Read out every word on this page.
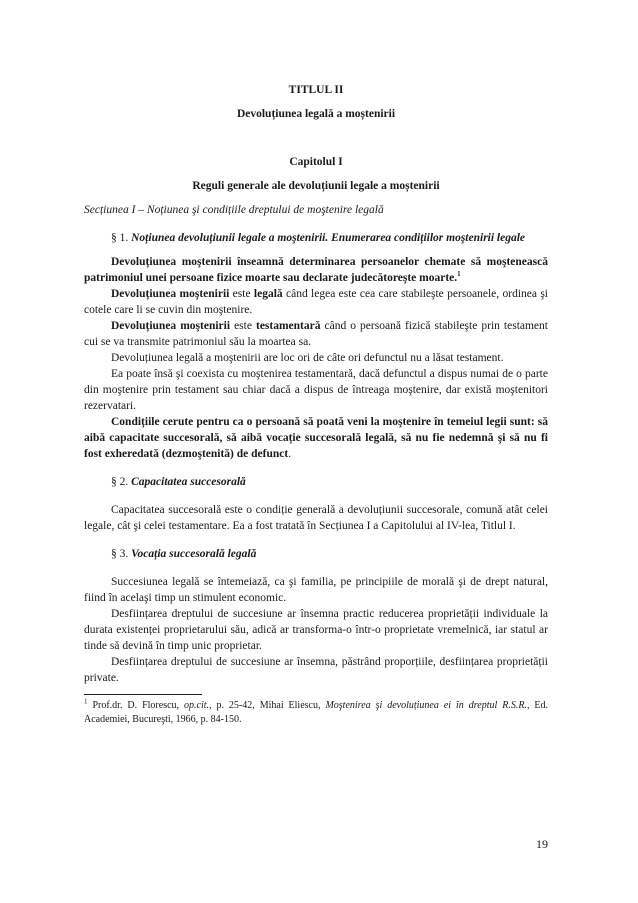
TITLUL II
Devoluțiunea legală a moștenirii
Capitolul I
Reguli generale ale devoluțiunii legale a moștenirii

Secțiunea I – Noțiunea şi condițiile dreptului de moştenire legală

§ 1. Noțiunea devoluțiunii legale a moştenirii. Enumerarea condițiilor moştenirii legale

Devoluțiunea moştenirii înseamnă determinarea persoanelor chemate să moştenească patrimoniul unei persoane fizice moarte sau declarate judecătoreşte moarte.$^1$

Devoluțiunea moştenirii este legală când legea este cea care stabileşte persoanele, ordinea şi cotele care li se cuvin din moştenire.

Devoluțiunea moştenirii este testamentară când o persoană fizică stabileşte prin testament cui se va transmite patrimoniul său la moartea sa.

Devoluțiunea legală a moştenirii are loc ori de câte ori defunctul nu a lăsat testament.

Ea poate însă şi coexista cu moştenirea testamentară, dacă defunctul a dispus numai de o parte din moştenire prin testament sau chiar dacă a dispus de întreaga moştenire, dar există moştenitori rezervatari.

Condițiile cerute pentru ca o persoană să poată veni la moştenire în temeiul legii sunt: să aibă capacitate succesorală, să aibă vocație succesorală legală, să nu fie nedemnă şi să nu fi fost exheredată (dezmoştenită) de defunct.

§ 2. Capacitatea succesorală

Capacitatea succesorală este o condiție generală a devoluțiunii succesorale, comună atât celei legale, cât şi celei testamentare. Ea a fost tratată în Secțiunea I a Capitolului al IV-lea, Titlul I.

§ 3. Vocația succesorală legală

Succesiunea legală se întemeiază, ca şi familia, pe principiile de morală şi de drept natural, fiind în acelaşi timp un stimulent economic.

Desființarea dreptului de succesiune ar însemna practic reducerea proprietății individuale la durata existenței proprietarului său, adică ar transforma-o într-o proprietate vremelnică, iar statul ar tinde să devină în timp unic proprietar.

Desființarea dreptului de succesiune ar însemna, păstrând proporțiile, desființarea proprietății private.

$^1$ Prof.dr. D. Florescu, op.cit., p. 25-42, Mihai Eliescu, Moştenirea şi devoluțiunea ei în dreptul R.S.R., Ed. Academiei, Bucureşti, 1966, p. 84-150.

19
